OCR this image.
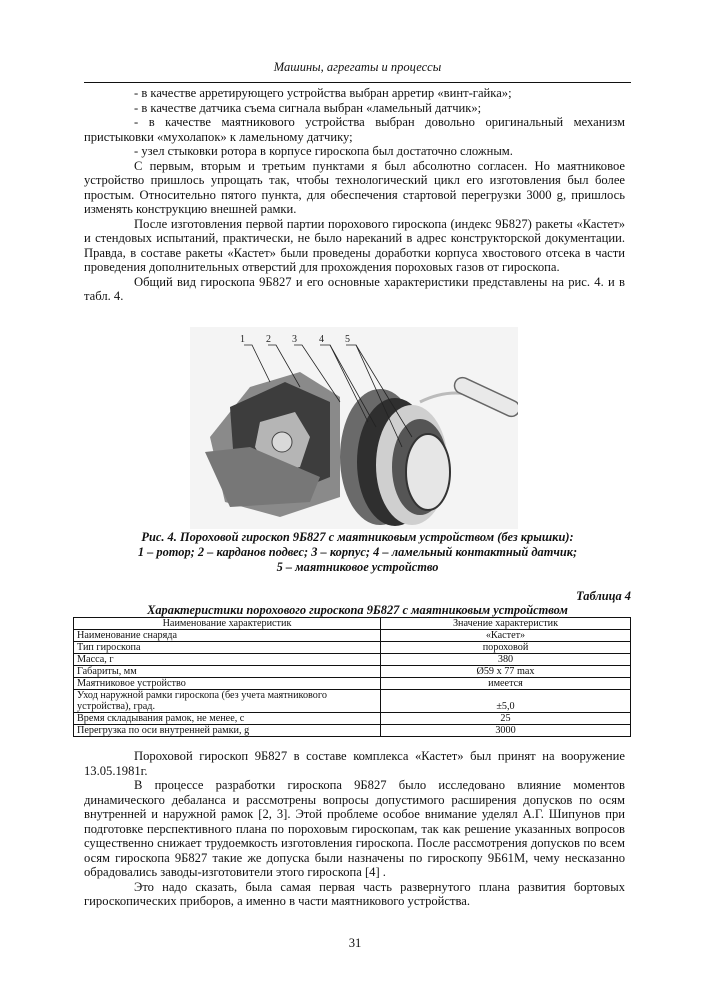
Машины, агрегаты и процессы

- в качестве арретирующего устройства выбран арретир «винт-гайка»;

- в качестве датчика съема сигнала выбран «ламельный датчик»;

- в качестве маятникового устройства выбран довольно оригинальный механизм пристыковки «мухолапок» к ламельному датчику;

- узел стыковки ротора в корпусе гироскопа был достаточно сложным.

С первым, вторым и третьим пунктами я был абсолютно согласен. Но маятниковое устройство пришлось упрощать так, чтобы технологический цикл его изготовления был более простым. Относительно пятого пункта, для обеспечения стартовой перегрузки 3000 g, пришлось изменять конструкцию внешней рамки.

После изготовления первой партии порохового гироскопа (индекс 9Б827) ракеты «Кастет» и стендовых испытаний, практически, не было нареканий в адрес конструкторской документации. Правда, в составе ракеты «Кастет» были проведены доработки корпуса хвостового отсека в части проведения дополнительных отверстий для прохождения пороховых газов от гироскопа.

Общий вид гироскопа 9Б827 и его основные характеристики представлены на рис. 4. и в табл. 4.

1 2 3 4 5
Рис. 4. Пороховой гироскоп 9Б827 с маятниковым устройством (без крышки):
1 – ротор; 2 – карданов подвес; 3 – корпус; 4 – ламельный контактный датчик;
5 – маятниковое устройство
Таблица 4
Характеристики порохового гироскопа 9Б827 с маятниковым устройством
Наименование характеристик	Значение характеристик
Наименование снаряда	«Кастет»
Тип гироскопа	пороховой
Масса, г	380
Габариты, мм	Ø59 х 77 max
Маятниковое устройство	имеется
Уход наружной рамки гироскопа (без учета маятникового устройства), град.	±5,0
Время складывания рамок, не менее, с	25
Перегрузка по оси внутренней рамки, g	3000

Пороховой гироскоп 9Б827 в составе комплекса «Кастет» был принят на вооружение 13.05.1981г.

В процессе разработки гироскопа 9Б827 было исследовано влияние моментов динамического дебаланса и рассмотрены вопросы допустимого расширения допусков по осям внутренней и наружной рамок [2, 3]. Этой проблеме особое внимание уделял А.Г. Шипунов при подготовке перспективного плана по пороховым гироскопам, так как решение указанных вопросов существенно снижает трудоемкость изготовления гироскопа. После рассмотрения допусков по всем осям гироскопа 9Б827 такие же допуска были назначены по гироскопу 9Б61М, чему несказанно обрадовались заводы-изготовители этого гироскопа [4] .

Это надо сказать, была самая первая часть развернутого плана развития бортовых гироскопических приборов, а именно в части маятникового устройства.

31
